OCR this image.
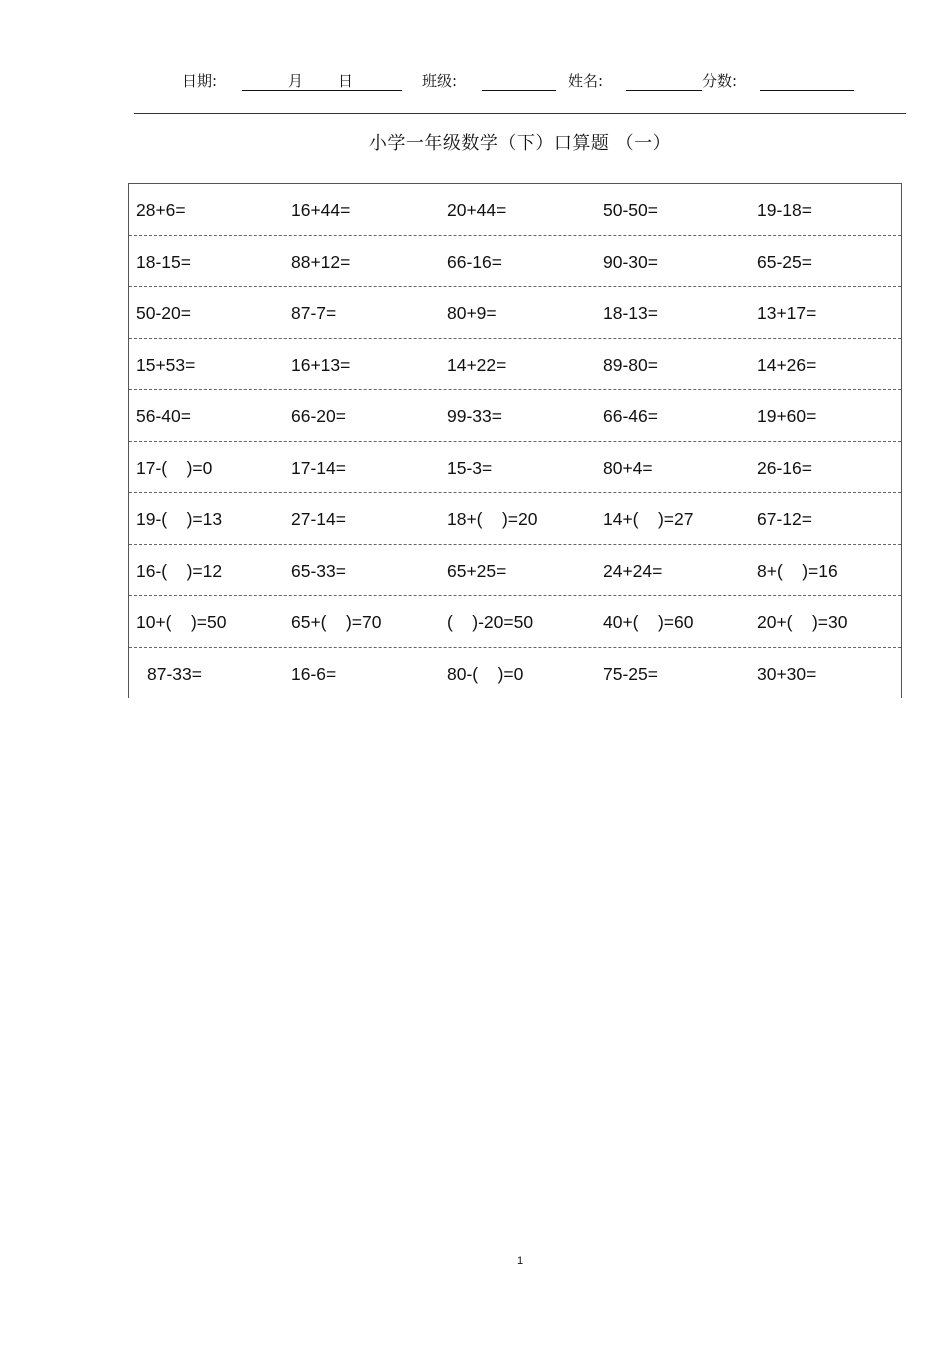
日期:	月 日	班级:	姓名:	分数:
小学一年级数学（下）口算题 （一）
28+6=	16+44=	20+44=	50-50=	19-18=
18-15=	88+12=	66-16=	90-30=	65-25=
50-20=	87-7=	80+9=	18-13=	13+17=
15+53=	16+13=	14+22=	89-80=	14+26=
56-40=	66-20=	99-33=	66-46=	19+60=
17-(    )=0	17-14=	15-3=	80+4=	26-16=
19-(    )=13	27-14=	18+(    )=20	14+(    )=27	67-12=
16-(    )=12	65-33=	65+25=	24+24=	8+(    )=16
10+(    )=50	65+(    )=70	(    )-20=50	40+(    )=60	20+(    )=30
87-33=	16-6=	80-(    )=0	75-25=	30+30=
1
